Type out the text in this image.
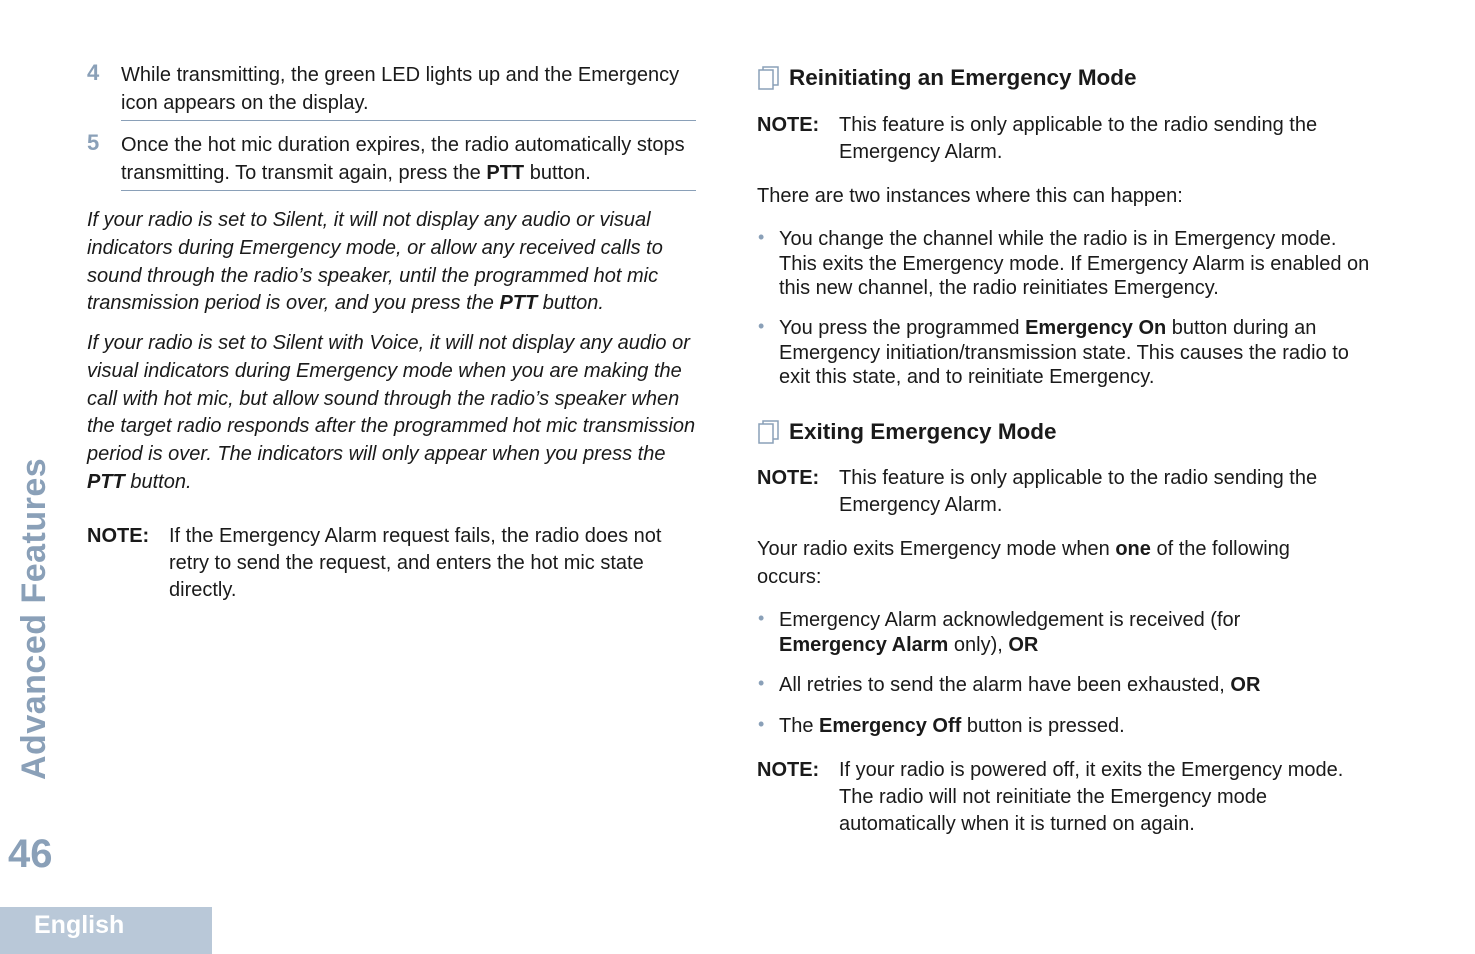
Advanced Features
46
English
4 While transmitting, the green LED lights up and the Emergency icon appears on the display.
5 Once the hot mic duration expires, the radio automatically stops transmitting. To transmit again, press the PTT button.
If your radio is set to Silent, it will not display any audio or visual indicators during Emergency mode, or allow any received calls to sound through the radio’s speaker, until the programmed hot mic transmission period is over, and you press the PTT button.
If your radio is set to Silent with Voice, it will not display any audio or visual indicators during Emergency mode when you are making the call with hot mic, but allow sound through the radio’s speaker when the target radio responds after the programmed hot mic transmission period is over. The indicators will only appear when you press the PTT button.
NOTE: If the Emergency Alarm request fails, the radio does not retry to send the request, and enters the hot mic state directly.
Reinitiating an Emergency Mode
NOTE: This feature is only applicable to the radio sending the Emergency Alarm.
There are two instances where this can happen:
• You change the channel while the radio is in Emergency mode. This exits the Emergency mode. If Emergency Alarm is enabled on this new channel, the radio reinitiates Emergency.
• You press the programmed Emergency On button during an Emergency initiation/transmission state. This causes the radio to exit this state, and to reinitiate Emergency.
Exiting Emergency Mode
NOTE: This feature is only applicable to the radio sending the Emergency Alarm.
Your radio exits Emergency mode when one of the following occurs:
• Emergency Alarm acknowledgement is received (for Emergency Alarm only), OR
• All retries to send the alarm have been exhausted, OR
• The Emergency Off button is pressed.
NOTE: If your radio is powered off, it exits the Emergency mode. The radio will not reinitiate the Emergency mode automatically when it is turned on again.
